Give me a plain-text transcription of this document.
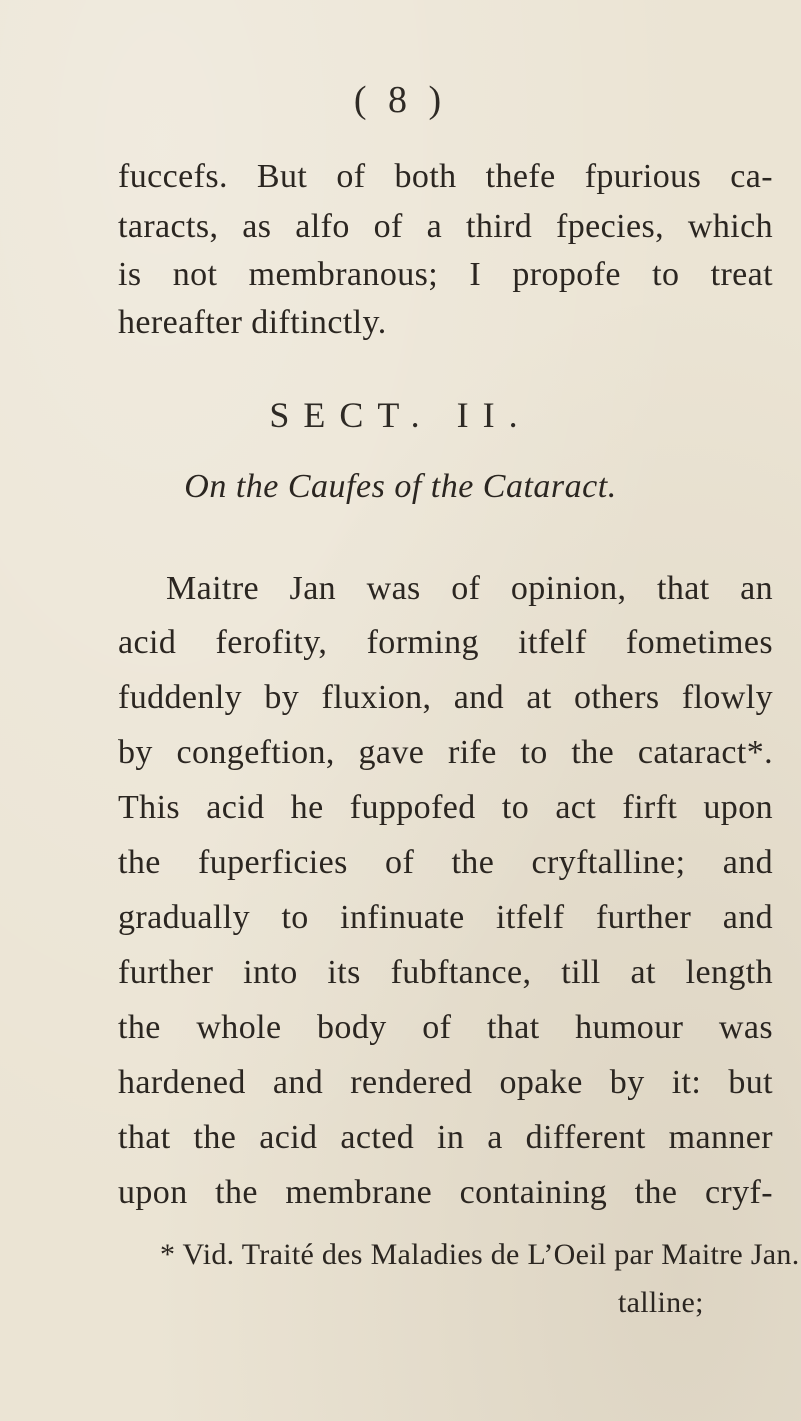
( 8 )
fuccefs. But of both thefe fpurious ca-
taracts, as alfo of a third fpecies, which
is not membranous; I propofe to treat
hereafter diftinctly.
SECT. II.
On the Caufes of the Cataract.
Maitre Jan was of opinion, that an
acid ferofity, forming itfelf fometimes
fuddenly by fluxion, and at others flowly
by congeftion, gave rife to the cataract*.
This acid he fuppofed to act firft upon
the fuperficies of the cryftalline; and
gradually to infinuate itfelf further and
further into its fubftance, till at length
the whole body of that humour was
hardened and rendered opake by it: but
that the acid acted in a different manner
upon the membrane containing the cryf-
* Vid. Traité des Maladies de L’Oeil par Maitre Jan.
talline;
